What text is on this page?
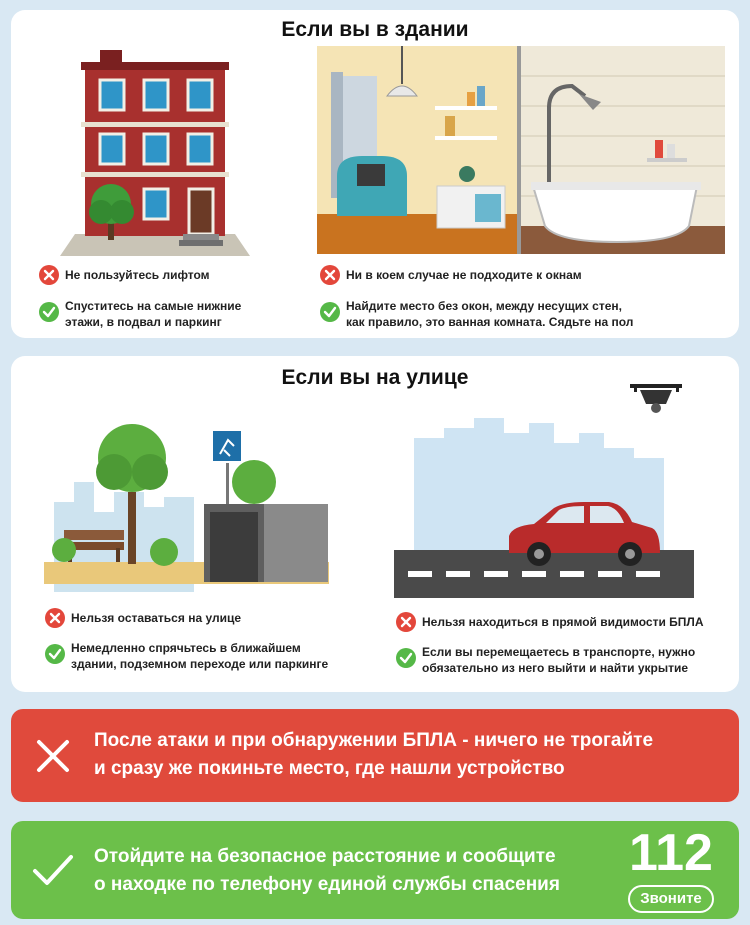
Если вы в здании
Не пользуйтесь лифтом
Спуститесь на самые нижние
этажи, в подвал и паркинг
Ни в коем случае не подходите к окнам
Найдите место без окон, между несущих стен,
как правило, это ванная комната. Сядьте на пол
Если вы на улице
Нельзя оставаться на улице
Немедленно спрячьтесь в ближайшем
здании, подземном переходе или паркинге
Нельзя находиться в прямой видимости БПЛА
Если вы перемещаетесь в транспорте, нужно
обязательно из него выйти и найти укрытие
После атаки и при обнаружении БПЛА - ничего не трогайте
и сразу же покиньте место, где нашли устройство
Отойдите на безопасное расстояние и сообщите
о находке по телефону единой службы спасения
112
Звоните
